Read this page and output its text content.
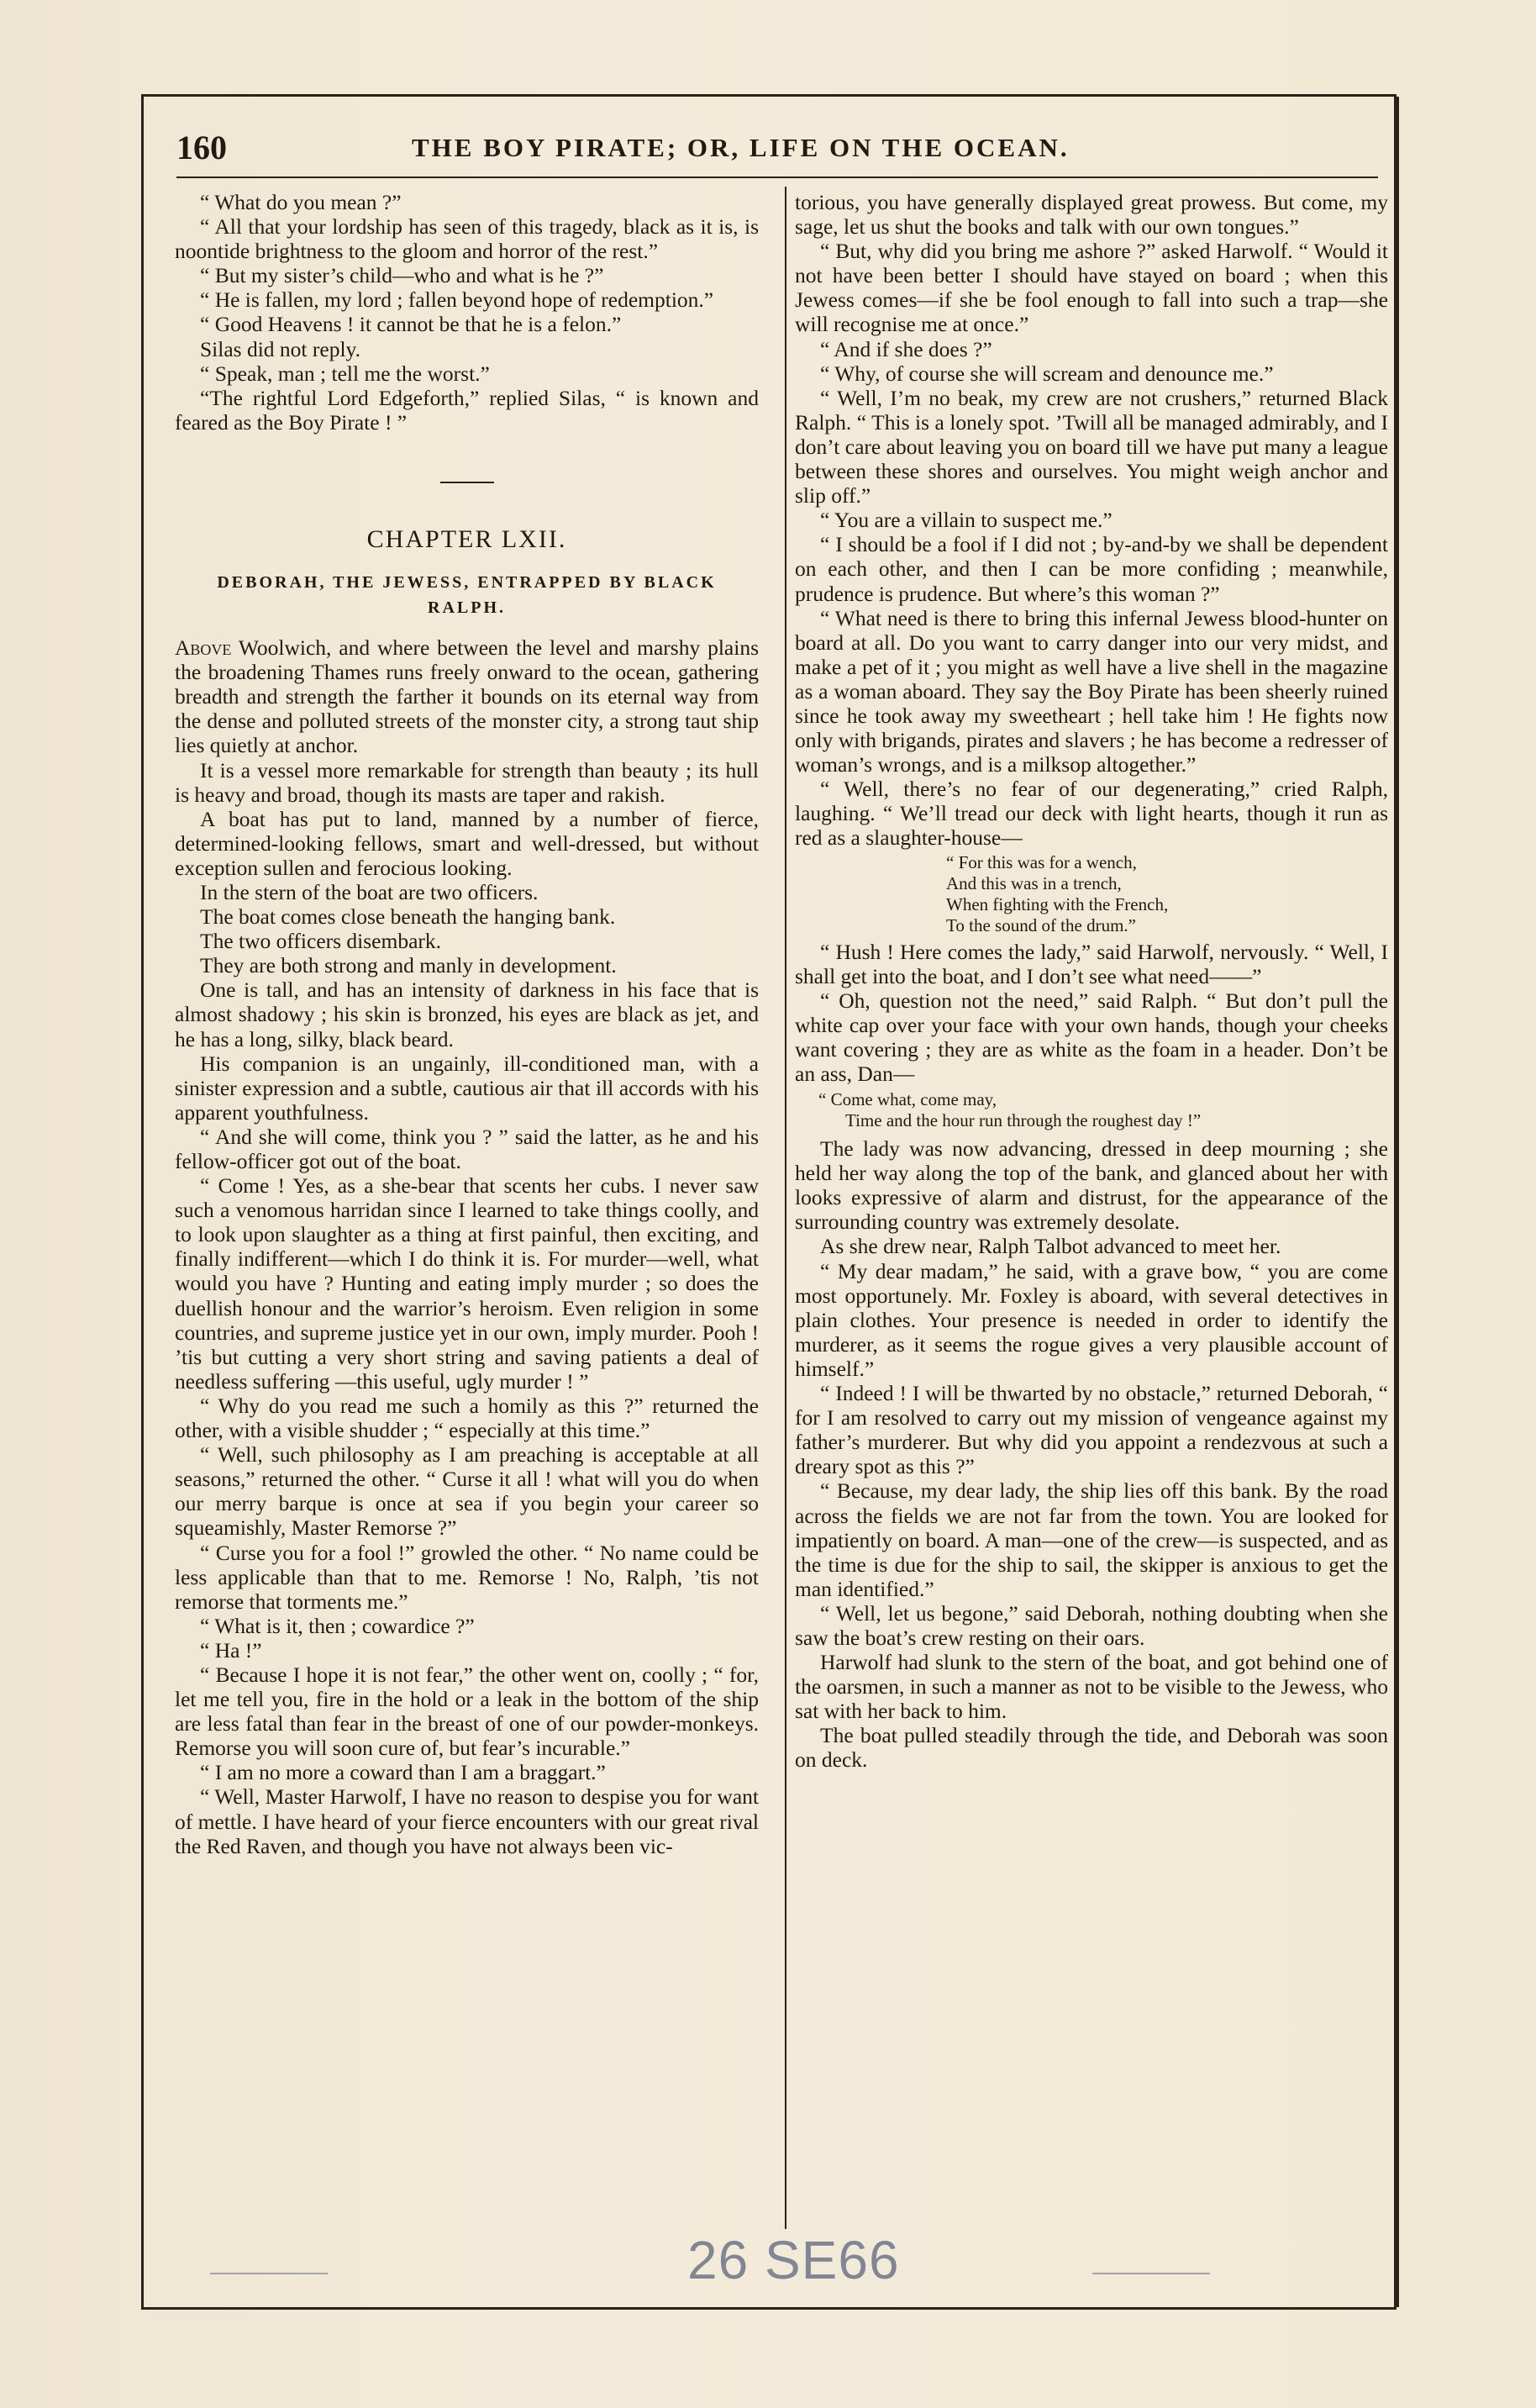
160	THE BOY PIRATE; OR, LIFE ON THE OCEAN.

“ What do you mean ?”

“ All that your lordship has seen of this tragedy, black as it is, is noontide brightness to the gloom and horror of the rest.”

“ But my sister’s child—who and what is he ?”

“ He is fallen, my lord ; fallen beyond hope of redemption.”

“ Good Heavens ! it cannot be that he is a felon.”

Silas did not reply.

“ Speak, man ; tell me the worst.”

“The rightful Lord Edgeforth,” replied Silas, “ is known and feared as the Boy Pirate ! ”

CHAPTER LXII.
DEBORAH, THE JEWESS, ENTRAPPED BY BLACK RALPH.

Above Woolwich, and where between the level and marshy plains the broadening Thames runs freely onward to the ocean, gathering breadth and strength the farther it bounds on its eternal way from the dense and polluted streets of the monster city, a strong taut ship lies quietly at anchor.

It is a vessel more remarkable for strength than beauty ; its hull is heavy and broad, though its masts are taper and rakish.

A boat has put to land, manned by a number of fierce, determined-looking fellows, smart and well-dressed, but without exception sullen and ferocious looking.

In the stern of the boat are two officers.

The boat comes close beneath the hanging bank.

The two officers disembark.

They are both strong and manly in development.

One is tall, and has an intensity of darkness in his face that is almost shadowy ; his skin is bronzed, his eyes are black as jet, and he has a long, silky, black beard.

His companion is an ungainly, ill-conditioned man, with a sinister expression and a subtle, cautious air that ill accords with his apparent youthfulness.

“ And she will come, think you ? ” said the latter, as he and his fellow-officer got out of the boat.

“ Come ! Yes, as a she-bear that scents her cubs. I never saw such a venomous harridan since I learned to take things coolly, and to look upon slaughter as a thing at first painful, then exciting, and finally indifferent—which I do think it is. For murder—well, what would you have ? Hunting and eating imply murder ; so does the duellish honour and the warrior’s heroism. Even religion in some countries, and supreme justice yet in our own, imply murder. Pooh ! ’tis but cutting a very short string and saving patients a deal of needless suffering —this useful, ugly murder ! ”

“ Why do you read me such a homily as this ?” returned the other, with a visible shudder ; “ especially at this time.”

“ Well, such philosophy as I am preaching is acceptable at all seasons,” returned the other. “ Curse it all ! what will you do when our merry barque is once at sea if you begin your career so squeamishly, Master Remorse ?”

“ Curse you for a fool !” growled the other. “ No name could be less applicable than that to me. Remorse ! No, Ralph, ’tis not remorse that torments me.”

“ What is it, then ; cowardice ?”

“ Ha !”

“ Because I hope it is not fear,” the other went on, coolly ; “ for, let me tell you, fire in the hold or a leak in the bottom of the ship are less fatal than fear in the breast of one of our powder-monkeys. Remorse you will soon cure of, but fear’s incurable.”

“ I am no more a coward than I am a braggart.”

“ Well, Master Harwolf, I have no reason to despise you for want of mettle. I have heard of your fierce encounters with our great rival the Red Raven, and though you have not always been vic-

torious, you have generally displayed great prowess. But come, my sage, let us shut the books and talk with our own tongues.”

“ But, why did you bring me ashore ?” asked Harwolf. “ Would it not have been better I should have stayed on board ; when this Jewess comes—if she be fool enough to fall into such a trap—she will recognise me at once.”

“ And if she does ?”

“ Why, of course she will scream and denounce me.”

“ Well, I’m no beak, my crew are not crushers,” returned Black Ralph. “ This is a lonely spot. ’Twill all be managed admirably, and I don’t care about leaving you on board till we have put many a league between these shores and ourselves. You might weigh anchor and slip off.”

“ You are a villain to suspect me.”

“ I should be a fool if I did not ; by-and-by we shall be dependent on each other, and then I can be more confiding ; meanwhile, prudence is prudence. But where’s this woman ?”

“ What need is there to bring this infernal Jewess blood-hunter on board at all. Do you want to carry danger into our very midst, and make a pet of it ; you might as well have a live shell in the magazine as a woman aboard. They say the Boy Pirate has been sheerly ruined since he took away my sweetheart ; hell take him ! He fights now only with brigands, pirates and slavers ; he has become a redresser of woman’s wrongs, and is a milksop altogether.”

“ Well, there’s no fear of our degenerating,” cried Ralph, laughing. “ We’ll tread our deck with light hearts, though it run as red as a slaughter-house—

“ For this was for a wench,
And this was in a trench,
When fighting with the French,
To the sound of the drum.”

“ Hush ! Here comes the lady,” said Harwolf, nervously. “ Well, I shall get into the boat, and I don’t see what need——”

“ Oh, question not the need,” said Ralph. “ But don’t pull the white cap over your face with your own hands, though your cheeks want covering ; they are as white as the foam in a header. Don’t be an ass, Dan—

“ Come what, come may,
Time and the hour run through the roughest day !”

The lady was now advancing, dressed in deep mourning ; she held her way along the top of the bank, and glanced about her with looks expressive of alarm and distrust, for the appearance of the surrounding country was extremely desolate.

As she drew near, Ralph Talbot advanced to meet her.

“ My dear madam,” he said, with a grave bow, “ you are come most opportunely. Mr. Foxley is aboard, with several detectives in plain clothes. Your presence is needed in order to identify the murderer, as it seems the rogue gives a very plausible account of himself.”

“ Indeed ! I will be thwarted by no obstacle,” returned Deborah, “ for I am resolved to carry out my mission of vengeance against my father’s murderer. But why did you appoint a rendezvous at such a dreary spot as this ?”

“ Because, my dear lady, the ship lies off this bank. By the road across the fields we are not far from the town. You are looked for impatiently on board. A man—one of the crew—is suspected, and as the time is due for the ship to sail, the skipper is anxious to get the man identified.”

“ Well, let us begone,” said Deborah, nothing doubting when she saw the boat’s crew resting on their oars.

Harwolf had slunk to the stern of the boat, and got behind one of the oarsmen, in such a manner as not to be visible to the Jewess, who sat with her back to him.

The boat pulled steadily through the tide, and Deborah was soon on deck.

26 SE66
